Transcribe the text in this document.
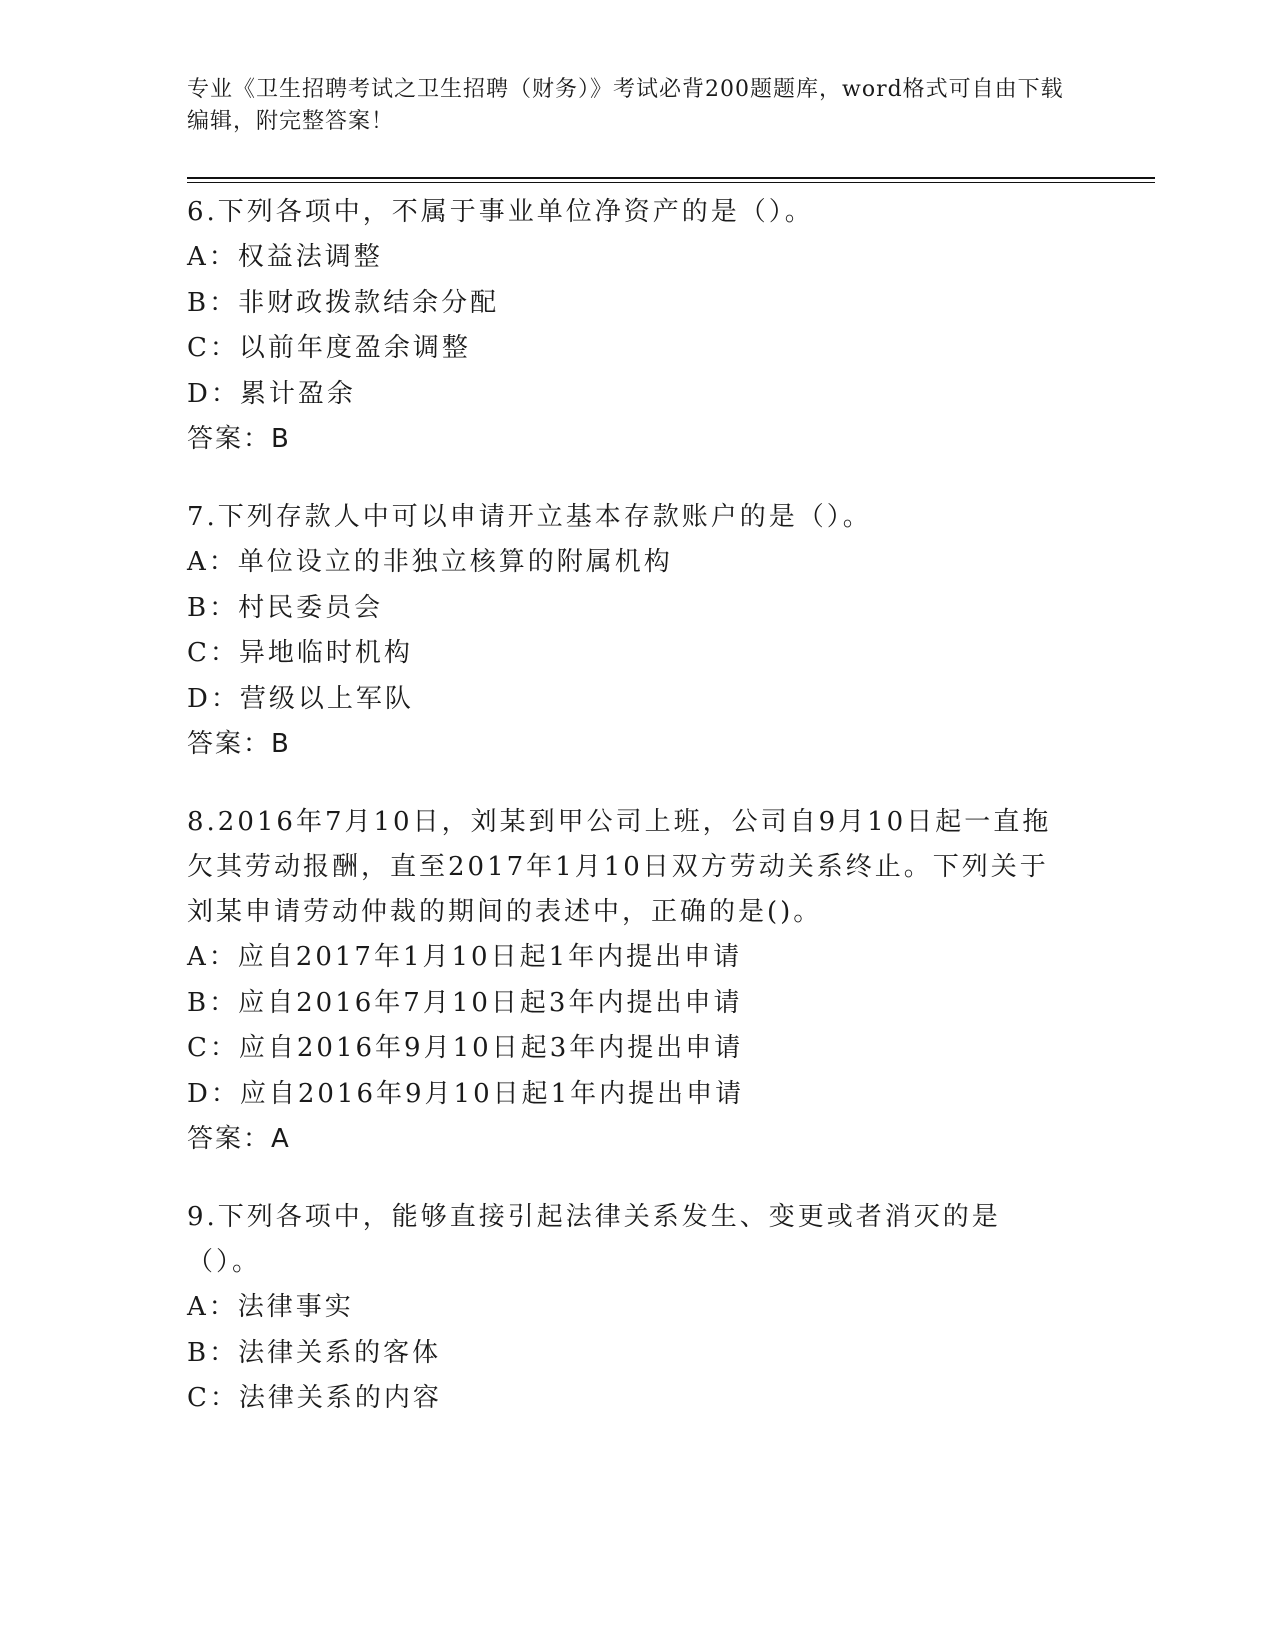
专业《卫生招聘考试之卫生招聘（财务）》考试必背200题题库，word格式可自由下载编辑，附完整答案！

6.下列各项中，不属于事业单位净资产的是（）。

A：权益法调整
B：非财政拨款结余分配
C：以前年度盈余调整
D：累计盈余
答案：B

7.下列存款人中可以申请开立基本存款账户的是（）。

A：单位设立的非独立核算的附属机构
B：村民委员会
C：异地临时机构
D：营级以上军队
答案：B

8.2016年7月10日，刘某到甲公司上班，公司自9月10日起一直拖欠其劳动报酬，直至2017年1月10日双方劳动关系终止。下列关于刘某申请劳动仲裁的期间的表述中，正确的是()。

A：应自2017年1月10日起1年内提出申请
B：应自2016年7月10日起3年内提出申请
C：应自2016年9月10日起3年内提出申请
D：应自2016年9月10日起1年内提出申请
答案：A

9.下列各项中，能够直接引起法律关系发生、变更或者消灭的是（）。

A：法律事实
B：法律关系的客体
C：法律关系的内容
